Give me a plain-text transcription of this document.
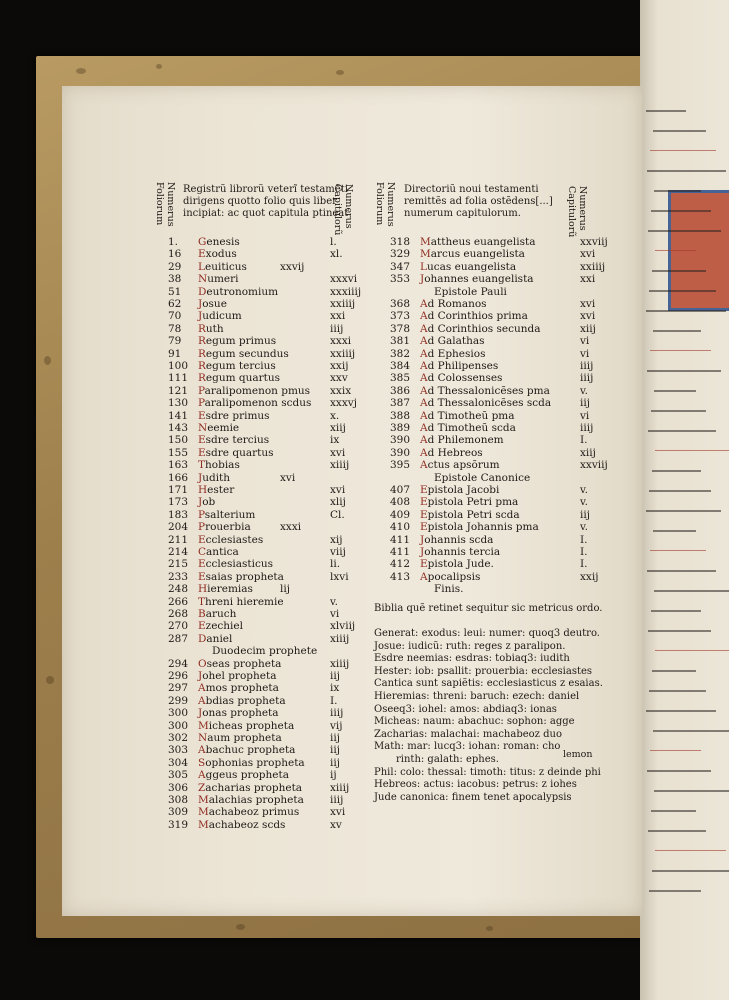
Numerus
Foliorum	Registrũ librorũ veterĩ testamẽti
dirigens quotto folio quis liber
incipiat: ac quot capitula ptineat
Numerus
Capitulorũ	Numerus
Foliorum	Directoriũ noui testamenti
remittẽs ad folia ostẽdens[...]
numerum capitulorum.	Numerus
Capitulorũ
1. Genesis	l.
16 Exodus	xl.
29 Leuiticus	xxvij
38 Numeri	xxxvi
51 Deutronomium	xxxiiij
62 Josue	xxiiij
70 Judicum	xxi
78 Ruth	iiij
79 Regum primus	xxxi
91 Regum secundus	xxiiij
100 Regum tercius	xxij
111 Regum quartus	xxv
121 Paralipomenon pmus xxix
130 Paralipomenon scdus xxxvj
141 Esdre primus	x.
143 Neemie	xiij
150 Esdre tercius	ix
155 Esdre quartus	xvi
163 Thobias	xiiij
166 Judith	xvi
171 Hester	xvi
173 Job	xlij
183 Psalterium	Cl.
204 Prouerbia	xxxi
211 Ecclesiastes	xij
214 Cantica	viij
215 Ecclesiasticus	li.
233 Esaias propheta	lxvi
248 Hieremias	lij
266 Threni hieremie	v.
268 Baruch	vi
270 Ezechiel	xlviij
287 Daniel	xiiij
Duodecim prophete
294 Oseas propheta	xiiij
296 Johel propheta	iij
297 Amos propheta	ix
299 Abdias propheta	I.
300 Jonas propheta	iiij
300 Micheas propheta	vij
302 Naum propheta	iij
303 Abachuc propheta	iij
304 Sophonias propheta iij
305 Aggeus propheta	ij
306 Zacharias propheta	xiiij
308 Malachias propheta iiij
309 Machabeoz primus	xvi
319 Machabeoz scds	xv
318 Mattheus euangelista	xxviij
329 Marcus euangelista	xvi
347 Lucas euangelista	xxiiij
353 Johannes euangelista	xxi
Epistole Pauli
368 Ad Romanos	xvi
373 Ad Corinthios prima	xvi
378 Ad Corinthios secunda	xiij
381 Ad Galathas	vi
382 Ad Ephesios	vi
384 Ad Philipenses	iiij
385 Ad Colossenses	iiij
386 Ad Thessalonicẽses pma	v.
387 Ad Thessalonicẽses scda	iij
388 Ad Timotheũ pma	vi
389 Ad Timotheũ scda	iiij
390 Ad Philemonem	I.
390 Ad Hebreos	xiij
395 Actus apsõrum	xxviij
Epistole Canonice
407 Epistola Jacobi	v.
408 Epistola Petri pma	v.
409 Epistola Petri scda	iij
410 Epistola Johannis pma	v.
411 Johannis scda	I.
411 Johannis tercia	I.
412 Epistola Jude.	I.
413 Apocalipsis	xxij
Finis.
Biblia quẽ retinet sequitur sic metricus ordo.
Generat: exodus: leui: numer: quoq3 deutro.
Josue: iudicũ: ruth: reges z paralipon.
Esdre neemias: esdras: tobiaq3: iudith
Hester: iob: psallit: prouerbia: ecclesiastes
Cantica sunt sapiẽtis: ecclesiasticus z esaias.
Hieremias: threni: baruch: ezech: daniel
Oseeq3: iohel: amos: abdiaq3: ionas
Micheas: naum: abachuc: sophon: agge
Zacharias: malachai: machabeoz duo
Math: mar: lucq3: iohan: roman: cho
rinth: galath: ephes.
Phil: colo: thessal: timoth: titus: z deinde phi
Hebreos: actus: iacobus: petrus: z iohes
Jude canonica: finem tenet apocalypsis
lemon
